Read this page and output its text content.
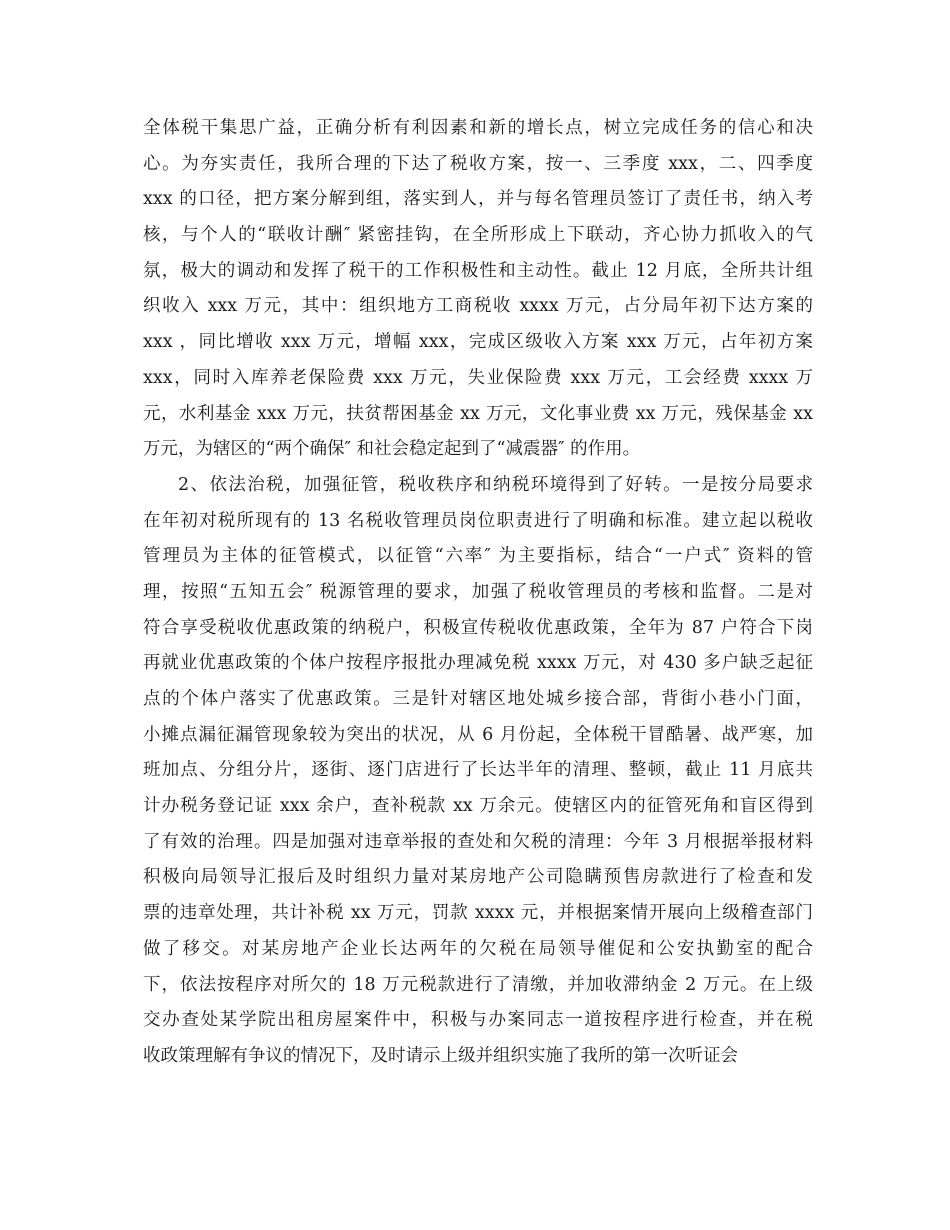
全体税干集思广益，正确分析有利因素和新的增长点，树立完成任务的信心和决
心。为夯实责任，我所合理的下达了税收方案，按一、三季度 xxx，二、四季度
xxx 的口径，把方案分解到组，落实到人，并与每名管理员签订了责任书，纳入考
核，与个人的“联收计酬″ 紧密挂钩，在全所形成上下联动，齐心协力抓收入的气
氛，极大的调动和发挥了税干的工作积极性和主动性。截止 12 月底，全所共计组
织收入 xxx 万元，其中：组织地方工商税收 xxxx 万元，占分局年初下达方案的
xxx ，同比增收 xxx 万元，增幅 xxx，完成区级收入方案 xxx 万元，占年初方案
xxx，同时入库养老保险费 xxx 万元，失业保险费 xxx 万元，工会经费 xxxx 万
元，水利基金 xxx 万元，扶贫帮困基金 xx 万元，文化事业费 xx 万元，残保基金 xx
万元，为辖区的“两个确保″ 和社会稳定起到了“减震器″ 的作用。
2、依法治税，加强征管，税收秩序和纳税环境得到了好转。一是按分局要求
在年初对税所现有的 13 名税收管理员岗位职责进行了明确和标准。建立起以税收
管理员为主体的征管模式，以征管“六率″ 为主要指标，结合“一户式″ 资料的管
理，按照“五知五会″ 税源管理的要求，加强了税收管理员的考核和监督。二是对
符合享受税收优惠政策的纳税户，积极宣传税收优惠政策，全年为 87 户符合下岗
再就业优惠政策的个体户按程序报批办理减免税 xxxx 万元，对 430 多户缺乏起征
点的个体户落实了优惠政策。三是针对辖区地处城乡接合部，背街小巷小门面，
小摊点漏征漏管现象较为突出的状况，从 6 月份起，全体税干冒酷暑、战严寒，加
班加点、分组分片，逐街、逐门店进行了长达半年的清理、整顿，截止 11 月底共
计办税务登记证 xxx 余户，查补税款 xx 万余元。使辖区内的征管死角和盲区得到
了有效的治理。四是加强对违章举报的查处和欠税的清理：今年 3 月根据举报材料
积极向局领导汇报后及时组织力量对某房地产公司隐瞒预售房款进行了检查和发
票的违章处理，共计补税 xx 万元，罚款 xxxx 元，并根据案情开展向上级稽查部门
做了移交。对某房地产企业长达两年的欠税在局领导催促和公安执勤室的配合
下，依法按程序对所欠的 18 万元税款进行了清缴，并加收滞纳金 2 万元。在上级
交办查处某学院出租房屋案件中，积极与办案同志一道按程序进行检查，并在税
收政策理解有争议的情况下，及时请示上级并组织实施了我所的第一次听证会
